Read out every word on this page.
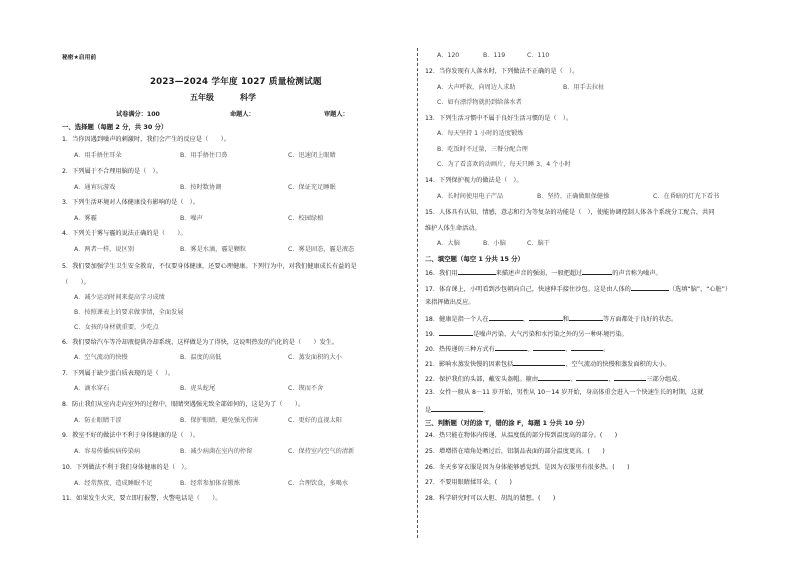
秘密★启用前
2023—2024 学年度 1027 质量检测试题
五年级	科学
试卷满分：100	命题人：	审题人：
一、选择题（每题 2 分，共 30 分）
1．当你因遇到噪声的刺激时，我们会产生的反应是（　　）。
A．用手捂住耳朵	B．用手捂住口鼻	C．迅速闭上眼睛
2．下列属于不合理用脑的是（　）。
A．通宵玩游戏	B．按时数协调	C．保证充足睡眠
3．下列生活环境对人体健康没有影响的是（　）。
A．雾霾	B．噪声	C．校园绿植
4．下列关于雾与霾的说法正确的是（　　）。
A．两者一样，说区别	B．雾是水滴，霾是颗粒	C．雾是固态，霾是液态
5．我们要加强学生卫生安全教育，不仅要身体健康，还要心理健康。下列行为中，对我们健康成长有益的是
（　　）。
A．减少运动时间来提高学习成绩
B．按照课表上的要求做事情，全面发展
C．女孩的身材就重要，少吃点
6．我们要给汽车等冷却液提供冷却系统，这样做是为了得快，这说明热发的汽化的是（　　）发生。
A．空气流动的快慢	B．温度的高低	C．蒸发面积的大小
7．下列属于缺少蛋白质表现的是（　）。
A．滴水穿石	B．虎头蛇尾	C．锲而不舍
8．防止我们从室内走向室外的过程中，眼睛突遇强光致全部如何的，这是为了（　　）。
A．防止眼睛干涩	B．保护眼睛，避免强光伤害	C．更好的直视太阳
9．教室不好的做法中不利于身体健康的是（　）。
A．容易传播疾病传染病	B．减少病菌在室内的停留	C．保持室内空气的清新
10．下列做法不利于我们身体健康的是（　）。
A．经常熬夜，造成睡眠不足	B．经常参加体育锻炼	C．合理饮食，多喝水
11．如果发生火灾，要立即打报警，火警电话是（　　）。
A．120	B．119	C．110
12．当你发现有人落水时，下列做法不正确的是（　）。
A．大声呼救，向周边人求助	B．用手去拉扯
C．如有漂浮物就扔到给落水者
13．下列生活习惯中不属于良好生活习惯的是（　）。
A．每天坚持 1 小时的适度锻炼
B．吃饭时不过量，三餐分配合理
C．为了看喜欢的动画片，每天只睡 3、4 个小时
14．下列保护视力的做法是（　）。
A．长时间使用电子产品	B．坚持、正确做眼保健操	C．在昏暗的灯光下看书
15．人体具有认知，情感，意志和行为等复杂的功能是（　），使能协调控制人体各个系统分工配合，共同
维护人体生命活动。
A．大脑	B．小脑	C．脑干
二、填空题（每空 1 分共 15 分）
16．我们用	来描述声音的强弱，一般把超过	的声音称为噪声。
17．体育课上，小明看到沙包朝向自己，快速伸手接住沙包。这是由人体的	（选填“脑”、“心脏”）
来指挥做出反应。
18．健康是指一个人在	、	和	等方面都处于良好的状态。
19．	是噪声污染、大气污染和水污染之外的另一种环境污染。
20．热传递的三种方式有	、	、	。
21．影响水蒸发快慢的因素包括	、空气流动的快慢和蒸发面积的大小。
22．保护我们的头部，戴安头盔帽。箍由	、	、	三部分组成。
23．女性一般从 8－11 岁开始，男性从 10－14 岁开始，身高体重会进入一个快速生长的时期，这就
是	。
三、判断题（对的涂 T，错的涂 F，每题 1 分共 10 分）
24．热只能在物体内传递，从温度低的部分传到温度高的部分。(　　)
25．增增搭在墙角处晒过后，铝制品表面的部分温度更高。(　　)
26．冬天多穿衣服是因为身体能够感觉到，是因为衣服里有很多热。(　　)
27．不要用眼睛揉耳朵。(　　)
28．科学研究时可以大胆、胡乱的猜想。(　　)
